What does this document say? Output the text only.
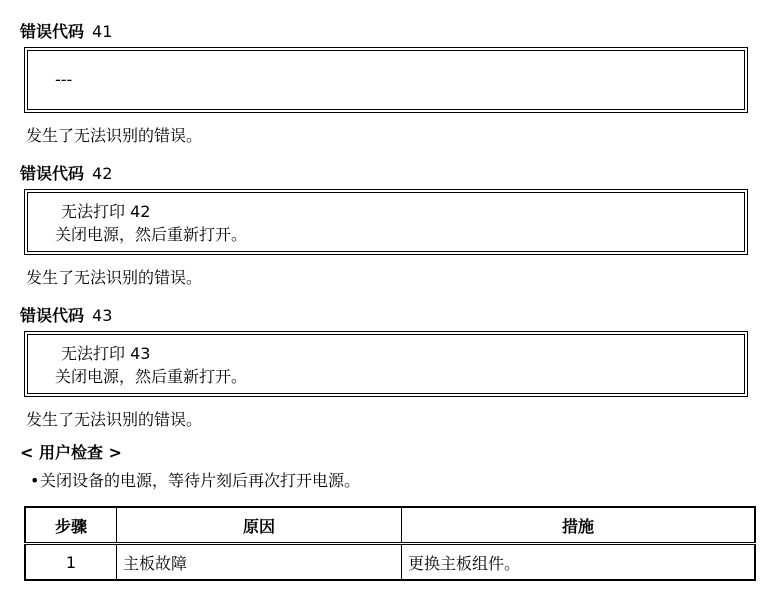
错误代码 41
---
发生了无法识别的错误。
错误代码 42
无法打印 42
关闭电源，然后重新打开。
发生了无法识别的错误。
错误代码 43
无法打印 43
关闭电源，然后重新打开。
发生了无法识别的错误。
< 用户检查 >
•关闭设备的电源，等待片刻后再次打开电源。
步骤	原因	措施
1	主板故障	更换主板组件。
